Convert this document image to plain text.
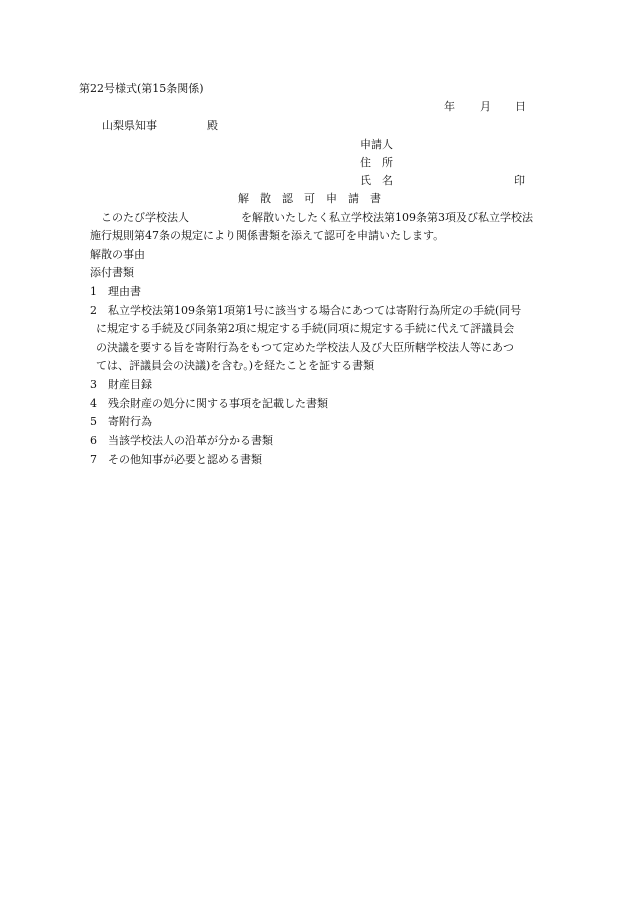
第22号様式(第15条関係)
年 月 日
山梨県知事	殿
申請人
住　所
氏　名	印
解　散　認　可　申　請　書
このたび学校法人	を解散いたしたく私立学校法第109条第3項及び私立学校法
施行規則第47条の規定により関係書類を添えて認可を申請いたします。
解散の事由
添付書類
1 理由書
2 私立学校法第109条第1項第1号に該当する場合にあつては寄附行為所定の手続(同号
に規定する手続及び同条第2項に規定する手続(同項に規定する手続に代えて評議員会
の決議を要する旨を寄附行為をもつて定めた学校法人及び大臣所轄学校法人等にあつ
ては、評議員会の決議)を含む。)を経たことを証する書類
3 財産目録
4 残余財産の処分に関する事項を記載した書類
5 寄附行為
6 当該学校法人の沿革が分かる書類
7 その他知事が必要と認める書類
